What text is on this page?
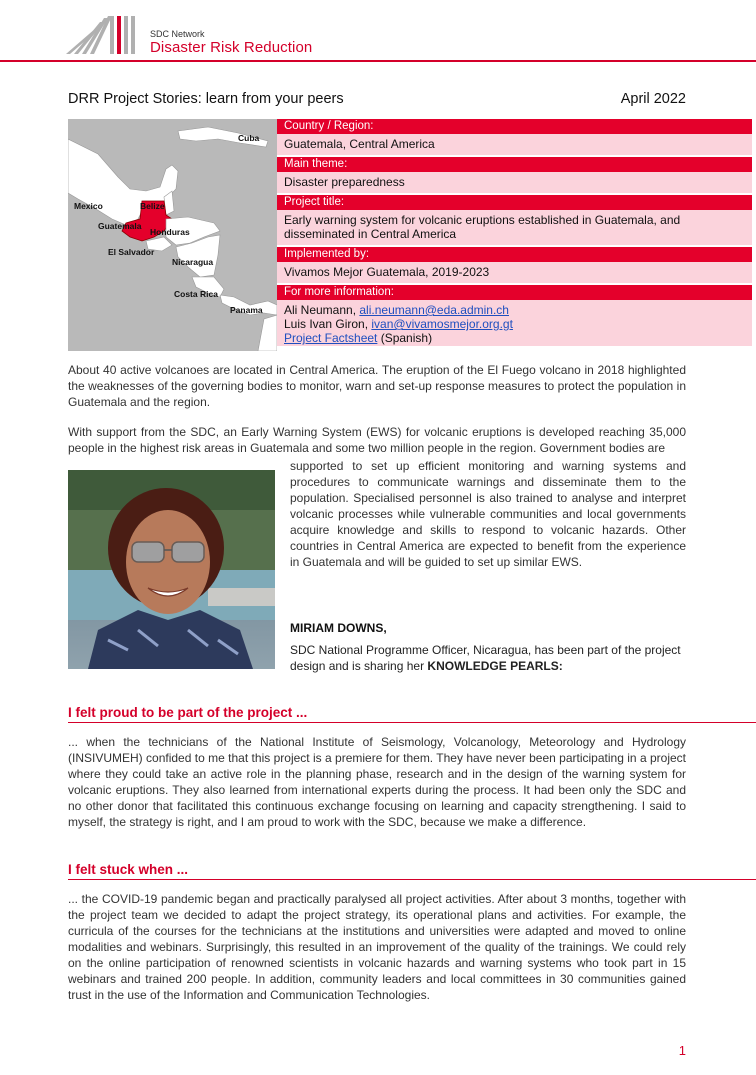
SDC Network
Disaster Risk Reduction
DRR Project Stories: learn from your peers	April 2022
Cuba
Mexico	Belize
Guatemala
Honduras
El Salvador
Nicaragua
Costa Rica
Panama
Country / Region:
Guatemala, Central America
Main theme:
Disaster preparedness
Project title:
Early warning system for volcanic eruptions established in Guatemala, and disseminated in Central America
Implemented by:
Vivamos Mejor Guatemala, 2019-2023
For more information:
Ali Neumann, ali.neumann@eda.admin.ch
Luis Ivan Giron, ivan@vivamosmejor.org.gt
Project Factsheet (Spanish)
About 40 active volcanoes are located in Central America. The eruption of the El Fuego volcano in 2018 highlighted the weaknesses of the governing bodies to monitor, warn and set-up response measures to protect the population in Guatemala and the region.
With support from the SDC, an Early Warning System (EWS) for volcanic eruptions is developed reaching 35,000 people in the highest risk areas in Guatemala and some two million people in the region. Government bodies are
supported to set up efficient monitoring and warning systems and procedures to communicate warnings and disseminate them to the population. Specialised personnel is also trained to analyse and interpret volcanic processes while vulnerable communities and local governments acquire knowledge and skills to respond to volcanic hazards. Other countries in Central America are expected to benefit from the experience in Guatemala and will be guided to set up similar EWS.
MIRIAM DOWNS,
SDC National Programme Officer, Nicaragua, has been part of the project design and is sharing her KNOWLEDGE PEARLS:
I felt proud to be part of the project ...
... when the technicians of the National Institute of Seismology, Volcanology, Meteorology and Hydrology (INSIVUMEH) confided to me that this project is a premiere for them. They have never been participating in a project where they could take an active role in the planning phase, research and in the design of the warning system for volcanic eruptions. They also learned from international experts during the process. It had been only the SDC and no other donor that facilitated this continuous exchange focusing on learning and capacity strengthening. I said to myself, the strategy is right, and I am proud to work with the SDC, because we make a difference.
I felt stuck when ...
... the COVID-19 pandemic began and practically paralysed all project activities. After about 3 months, together with the project team we decided to adapt the project strategy, its operational plans and activities. For example, the curricula of the courses for the technicians at the institutions and universities were adapted and moved to online modalities and webinars. Surprisingly, this resulted in an improvement of the quality of the trainings. We could rely on the online participation of renowned scientists in volcanic hazards and warning systems who took part in 15 webinars and trained 200 people. In addition, community leaders and local committees in 30 communities gained trust in the use of the Information and Communication Technologies.
1
